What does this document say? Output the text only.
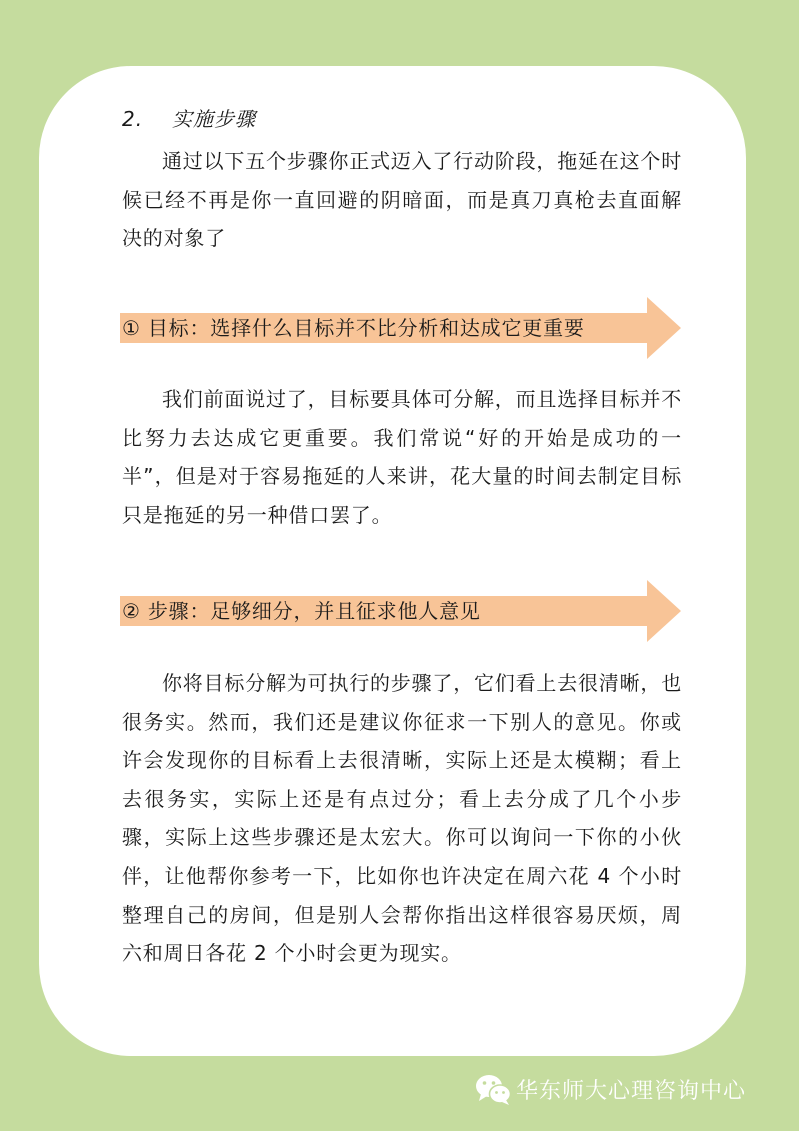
2. 实施步骤

通过以下五个步骤你正式迈入了行动阶段，拖延在这个时候已经不再是你一直回避的阴暗面，而是真刀真枪去直面解决的对象了

① 目标：选择什么目标并不比分析和达成它更重要

我们前面说过了，目标要具体可分解，而且选择目标并不比努力去达成它更重要。我们常说“好的开始是成功的一半”，但是对于容易拖延的人来讲，花大量的时间去制定目标只是拖延的另一种借口罢了。

② 步骤：足够细分，并且征求他人意见

你将目标分解为可执行的步骤了，它们看上去很清晰，也很务实。然而，我们还是建议你征求一下别人的意见。你或许会发现你的目标看上去很清晰，实际上还是太模糊；看上去很务实，实际上还是有点过分；看上去分成了几个小步骤，实际上这些步骤还是太宏大。你可以询问一下你的小伙伴，让他帮你参考一下，比如你也许决定在周六花 4 个小时整理自己的房间，但是别人会帮你指出这样很容易厌烦，周六和周日各花 2 个小时会更为现实。

华东师大心理咨询中心
